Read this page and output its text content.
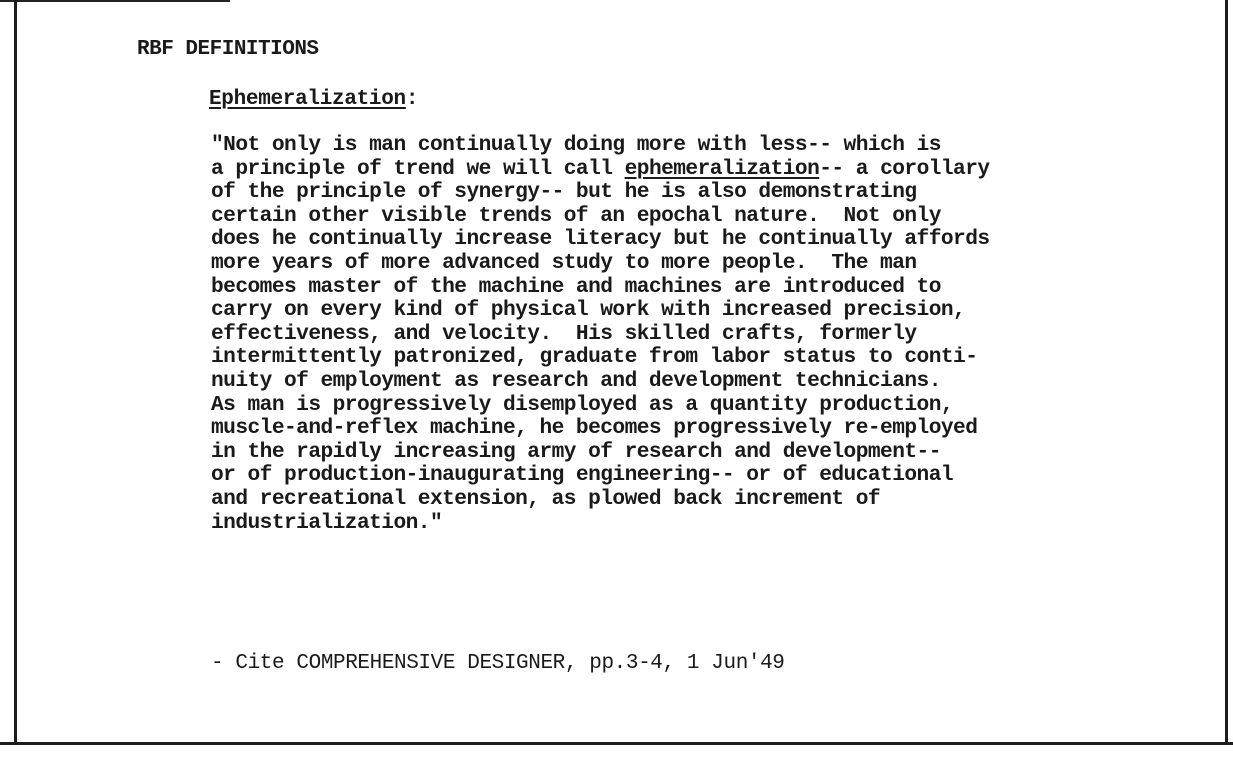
RBF DEFINITIONS
Ephemeralization:
"Not only is man continually doing more with less-- which is
a principle of trend we will call ephemeralization-- a corollary
of the principle of synergy-- but he is also demonstrating
certain other visible trends of an epochal nature.  Not only
does he continually increase literacy but he continually affords
more years of more advanced study to more people.  The man
becomes master of the machine and machines are introduced to
carry on every kind of physical work with increased precision,
effectiveness, and velocity.  His skilled crafts, formerly
intermittently patronized, graduate from labor status to conti-
nuity of employment as research and development technicians.
As man is progressively disemployed as a quantity production,
muscle-and-reflex machine, he becomes progressively re-employed
in the rapidly increasing army of research and development--
or of production-inaugurating engineering-- or of educational
and recreational extension, as plowed back increment of
industrialization."
- Cite COMPREHENSIVE DESIGNER, pp.3-4, 1 Jun'49
